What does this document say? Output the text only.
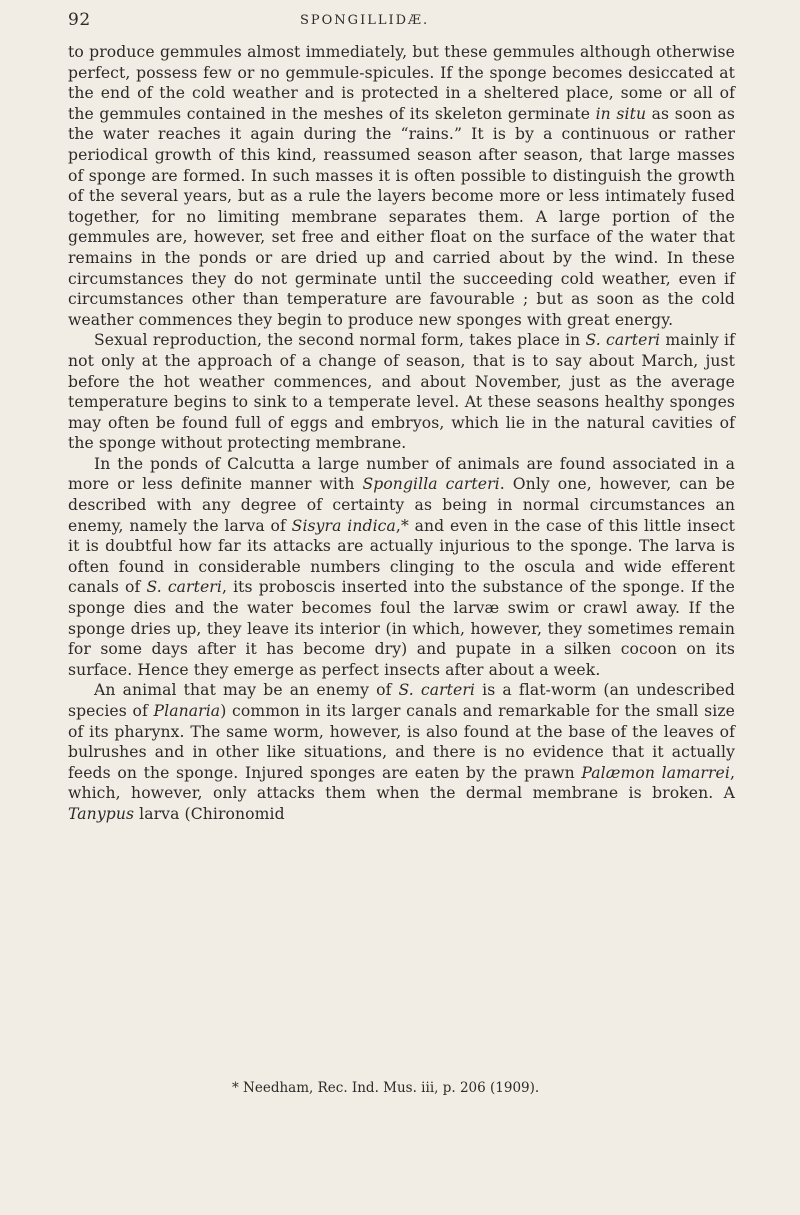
92	SPONGILLIDÆ.

to produce gemmules almost immediately, but these gemmules although otherwise perfect, possess few or no gemmule-spicules. If the sponge becomes desiccated at the end of the cold weather and is protected in a sheltered place, some or all of the gemmules contained in the meshes of its skeleton germinate in situ as soon as the water reaches it again during the “rains.” It is by a continuous or rather periodical growth of this kind, reassumed season after season, that large masses of sponge are formed. In such masses it is often possible to distinguish the growth of the several years, but as a rule the layers become more or less intimately fused together, for no limiting membrane separates them. A large portion of the gemmules are, however, set free and either float on the surface of the water that remains in the ponds or are dried up and carried about by the wind. In these circumstances they do not germinate until the succeeding cold weather, even if circumstances other than temperature are favourable ; but as soon as the cold weather commences they begin to produce new sponges with great energy.

Sexual reproduction, the second normal form, takes place in S. carteri mainly if not only at the approach of a change of season, that is to say about March, just before the hot weather commences, and about November, just as the average temperature begins to sink to a temperate level. At these seasons healthy sponges may often be found full of eggs and embryos, which lie in the natural cavities of the sponge without protecting membrane.

In the ponds of Calcutta a large number of animals are found associated in a more or less definite manner with Spongilla carteri. Only one, however, can be described with any degree of certainty as being in normal circumstances an enemy, namely the larva of Sisyra indica,* and even in the case of this little insect it is doubtful how far its attacks are actually injurious to the sponge. The larva is often found in considerable numbers clinging to the oscula and wide efferent canals of S. carteri, its proboscis inserted into the substance of the sponge. If the sponge dies and the water becomes foul the larvæ swim or crawl away. If the sponge dries up, they leave its interior (in which, however, they sometimes remain for some days after it has become dry) and pupate in a silken cocoon on its surface. Hence they emerge as perfect insects after about a week.

An animal that may be an enemy of S. carteri is a flat-worm (an undescribed species of Planaria) common in its larger canals and remarkable for the small size of its pharynx. The same worm, however, is also found at the base of the leaves of bulrushes and in other like situations, and there is no evidence that it actually feeds on the sponge. Injured sponges are eaten by the prawn Palæmon lamarrei, which, however, only attacks them when the dermal membrane is broken. A Tanypus larva (Chironomid

* Needham, Rec. Ind. Mus. iii, p. 206 (1909).
